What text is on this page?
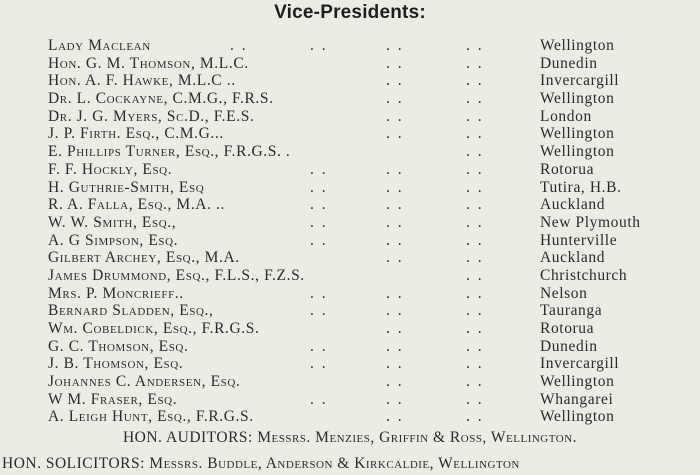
Vice-Presidents:
Lady Maclean	. .	. .	. .	. .	Wellington
Hon. G. M. Thomson, M.L.C.	. .	. .	Dunedin
Hon. A. F. Hawke, M.L.C ..	. .	. .	Invercargill
Dr. L. Cockayne, C.M.G., F.R.S.	. .	. .	Wellington
Dr. J. G. Myers, Sc.D., F.E.S.	. .	. .	London
J. P. Firth. Esq., C.M.G...	. .	. .	Wellington
E. Phillips Turner, Esq., F.R.G.S. .	. .	Wellington
F. F. Hockly, Esq.	. .	. .	. .	Rotorua
H. Guthrie-Smith, Esq	. .	. .	. .	Tutira, H.B.
R. A. Falla, Esq., M.A. ..	. .	. .	. .	Auckland
W. W. Smith, Esq.,	. .	. .	. .	New Plymouth
A. G Simpson, Esq.	. .	. .	. .	Hunterville
Gilbert Archey, Esq., M.A.	. .	. .	Auckland
James Drummond, Esq., F.L.S., F.Z.S.	. .	Christchurch
Mrs. P. Moncrieff..	. .	. .	. .	Nelson
Bernard Sladden, Esq.,	. .	. .	. .	Tauranga
Wm. Cobeldick, Esq., F.R.G.S.	. .	. .	Rotorua
G. C. Thomson, Esq.	. .	. .	. .	Dunedin
J. B. Thomson, Esq.	. .	. .	. .	Invercargill
Johannes C. Andersen, Esq.	. .	. .	Wellington
W M. Fraser, Esq.	. .	. .	. .	Whangarei
A. Leigh Hunt, Esq., F.R.G.S.	. .	. .	Wellington
HON. AUDITORS: Messrs. Menzies, Griffin & Ross, Wellington.
HON. SOLICITORS: Messrs. Buddle, Anderson & Kirkcaldie, Wellington
